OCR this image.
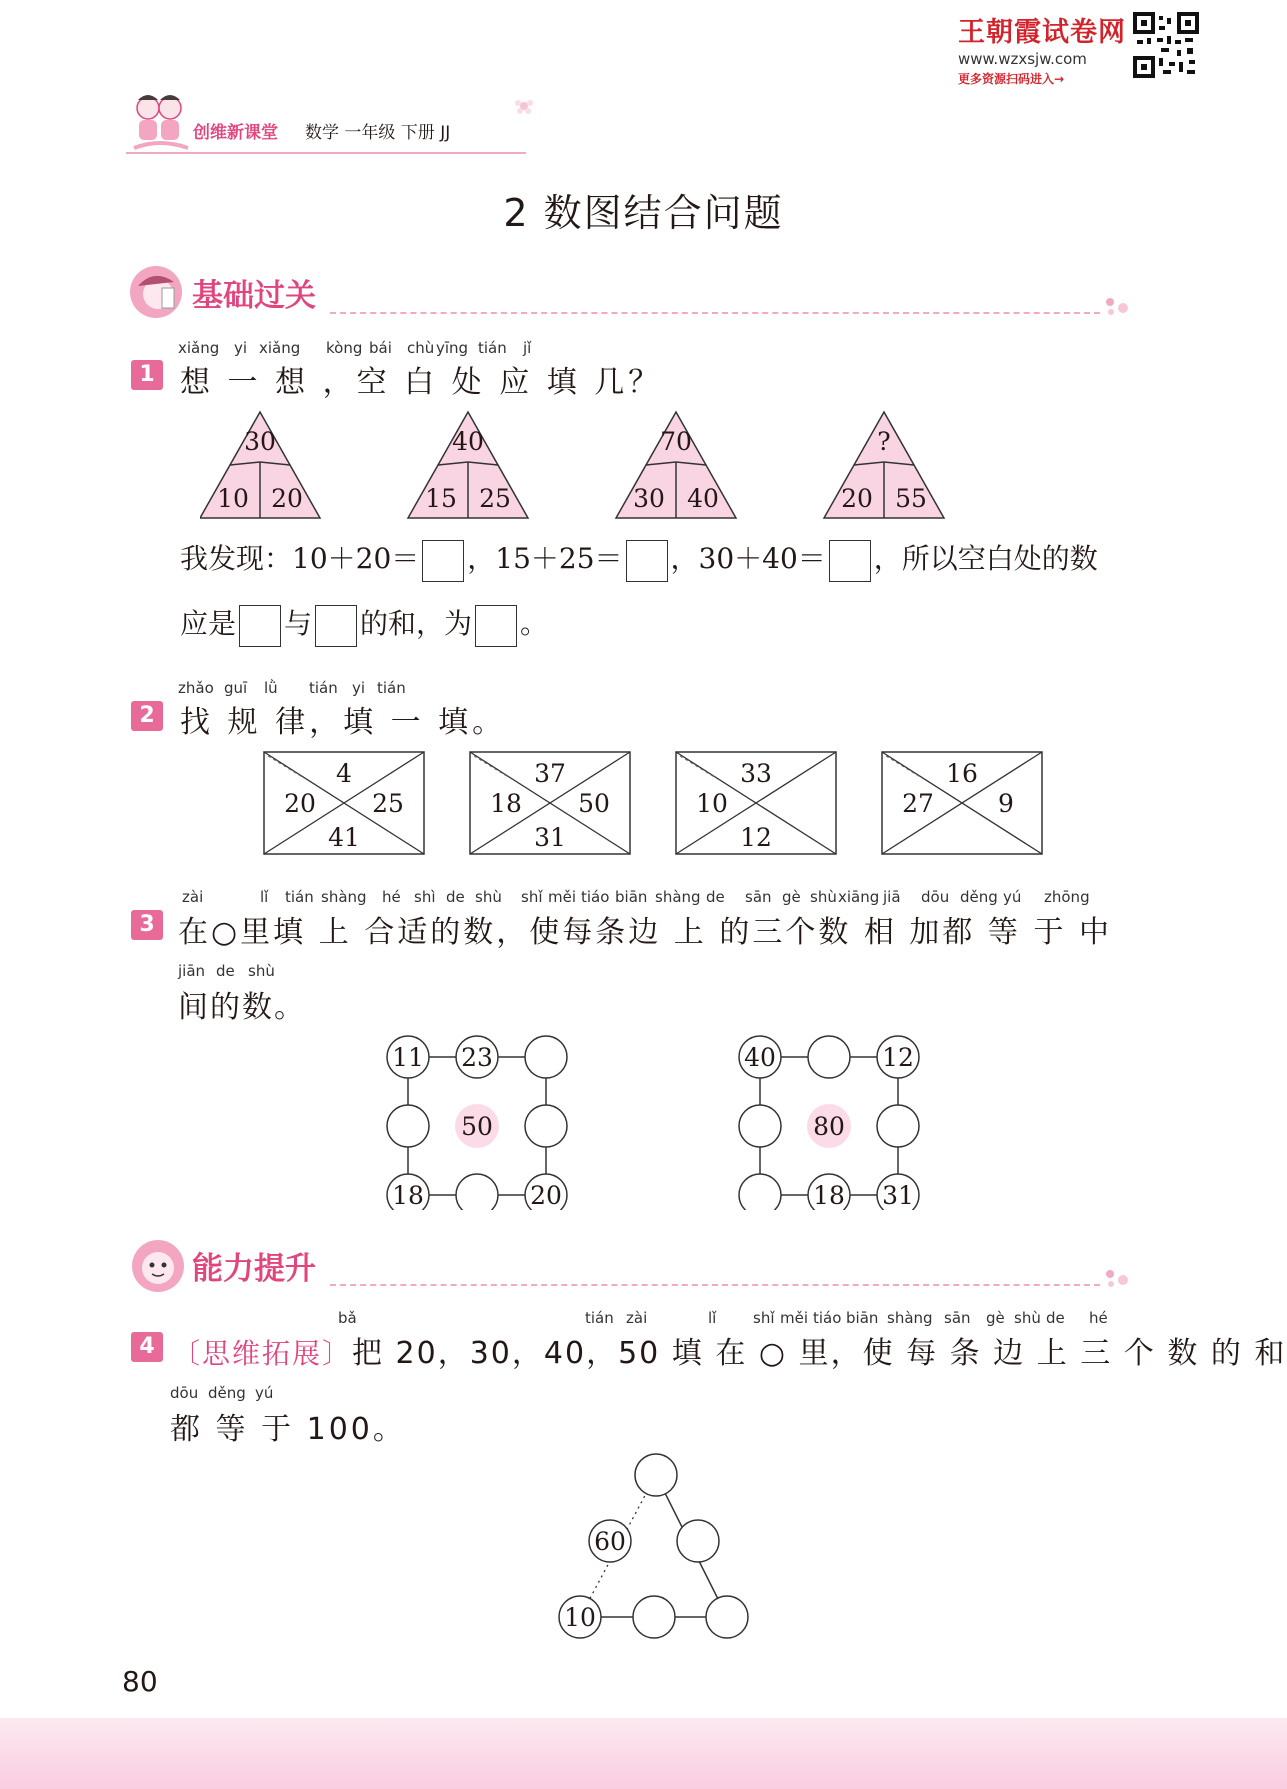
王朝霞试卷网
www.wzxsjw.com
更多资源扫码进入→
创维新课堂 数学 一年级 下册 JJ
2 数图结合问题
基础过关
1
xiǎng yi xiǎng kòng bái chù yīng tián jǐ
想 一 想 ，空 白 处 应 填 几？
30
10 20
40
15 25
70
30 40
?
20 55
我发现：10＋20＝ ，15＋25＝ ，30＋40＝ ，所以空白处的数
应是 与 的和，为 。
2
zhǎo guī lǜ tián yi tián
找 规 律，填 一 填。
4
20 25
41
37
18 50
31
33
10
12
16
27	9
3
zài	lǐ tián shàng hé shì de shù shǐ měi tiáo biān shàng de sān gè shù xiāng jiā dōu děng yú zhōng
在○里填 上 合适的数，使每条边 上 的三个数 相 加都 等 于 中
jiān de shù
间的数。
50
11 23
18	20
80
40	12
18 31
能力提升
4
bǎ	tián zài	lǐ shǐ měi tiáo biān shàng sān gè shù de hé
〔思维拓展〕把 20，30，40，50 填 在 ○ 里，使 每 条 边 上 三 个 数 的 和
dōu děng yú
都 等 于 100。
60
10
80
